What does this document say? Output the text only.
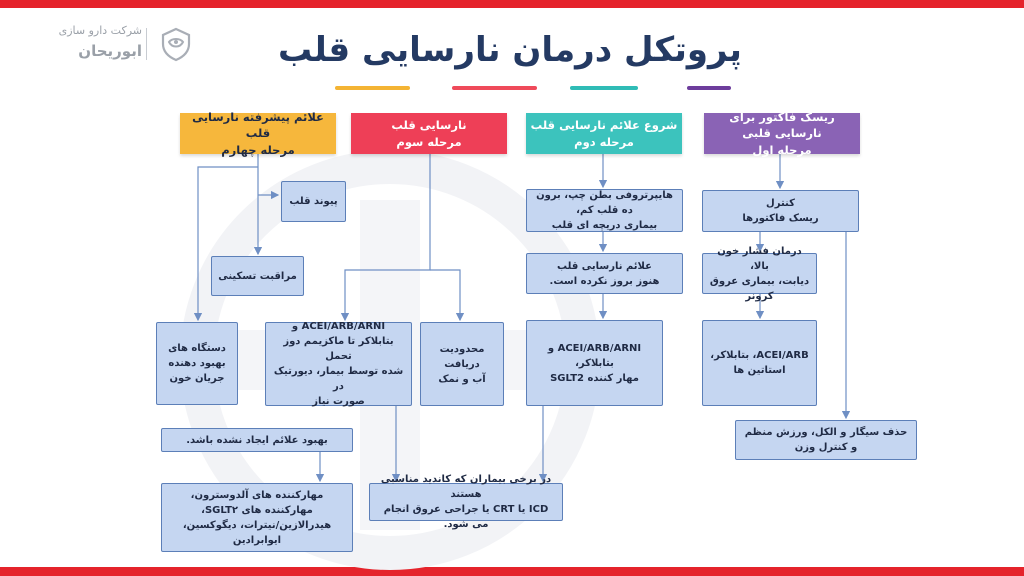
شرکت دارو سازی
ابوریحان	پروتکل درمان نارسایی قلب
ریسک فاکتور برای نارسایی قلبی
مرحله اول
شروع علائم نارسایی قلب
مرحله دوم
نارسایی قلب
مرحله سوم
علائم پیشرفته نارسایی قلب
مرحله چهارم
کنترل
ریسک فاکتورها
درمان فشار خون بالا،
دیابت، بیماری عروق کرونر
ACEI/ARB، بتابلاکر،
استاتین ها
حذف سیگار و الکل، ورزش منظم و کنترل وزن
هایپرتروفی بطن چپ، برون ده قلب کم،
بیماری دریچه ای قلب
علائم نارسایی قلب
هنوز بروز نکرده است.
ACEI/ARB/ARNI و بتابلاکر،
مهار کننده SGLT2
ACEI/ARB/ARNI و
بتابلاکر تا ماکزیمم دوز تحمل
شده توسط بیمار، دیورتیک در
صورت نیاز
محدودیت دریافت
آب و نمک
بهبود علائم ایجاد نشده باشد.
مهارکننده های آلدوسترون، مهارکننده های SGLT۲،
هیدرالازین/نیترات، دیگوکسین،
ایوابرادین
در برخی بیماران که کاندید مناسبی هستند
ICD یا CRT یا جراحی عروق انجام می شود.
پیوند قلب
مراقبت تسکینی
دستگاه های
بهبود دهنده
جریان خون
